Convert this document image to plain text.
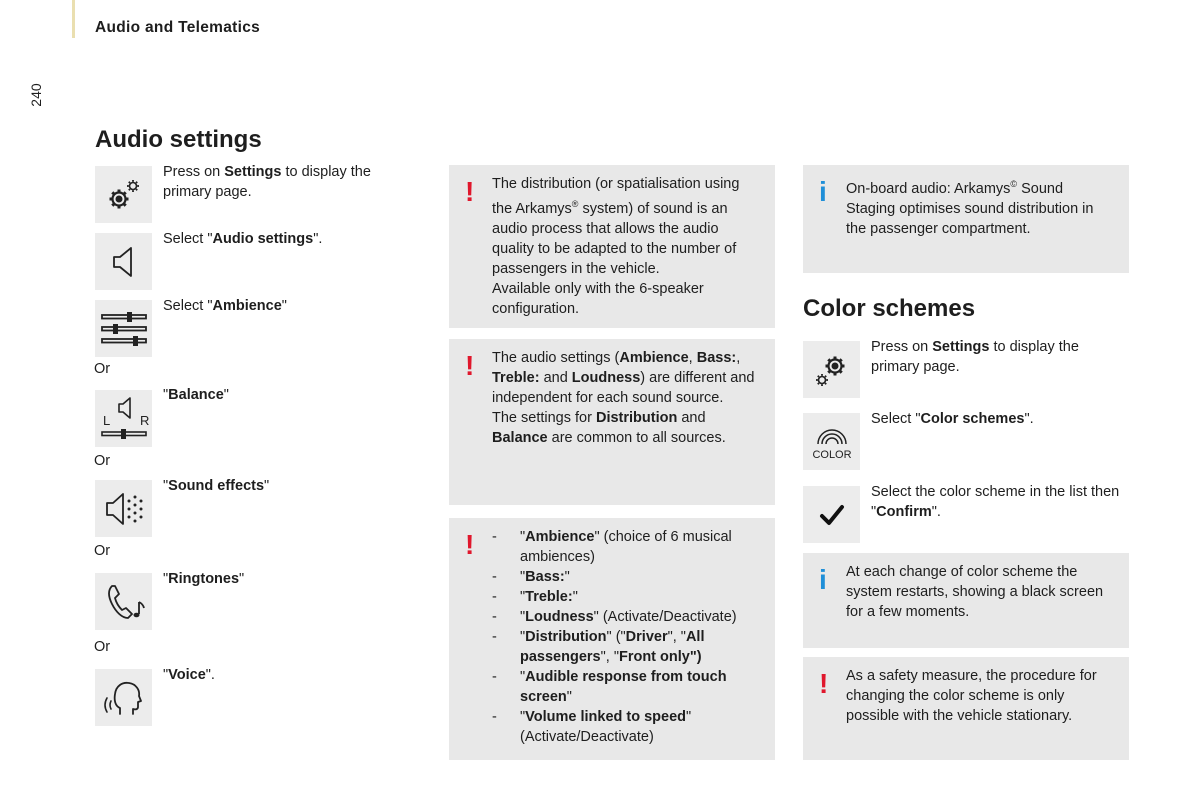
Audio and Telematics
240
Audio settings
Press on Settings to display the primary page.
Select "Audio settings".
Select "Ambience"
Or
L R
"Balance"
Or
"Sound effects"
Or
"Ringtones"
Or
"Voice".
! The distribution (or spatialisation using the Arkamys® system) of sound is an audio process that allows the audio quality to be adapted to the number of passengers in the vehicle.

Available only with the 6-speaker configuration.

! The audio settings (Ambience, Bass:, Treble: and Loudness) are different and independent for each sound source.

The settings for Distribution and Balance are common to all sources.

!
-	"Ambience" (choice of 6 musical ambiences)
- "Bass:"
- "Treble:"
- "Loudness" (Activate/Deactivate)
- "Distribution" ("Driver", "All passengers", "Front only")
- "Audible response from touch screen"
- "Volume linked to speed" (Activate/Deactivate)
i On-board audio: Arkamys© Sound Staging optimises sound distribution in the passenger compartment.

Color schemes
Press on Settings to display the primary page.
COLOR
Select "Color schemes".
Select the color scheme in the list then "Confirm".
i At each change of color scheme the system restarts, showing a black screen for a few moments.
! As a safety measure, the procedure for changing the color scheme is only possible with the vehicle stationary.
